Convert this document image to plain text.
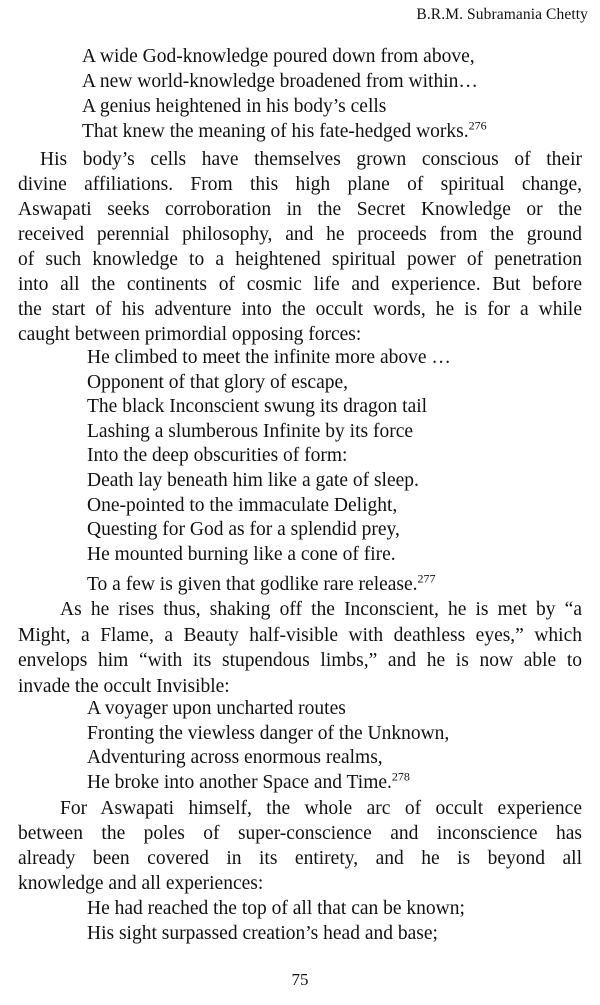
B.R.M. Subramania Chetty
A wide God-knowledge poured down from above,
A new world-knowledge broadened from within…
A genius heightened in his body’s cells
That knew the meaning of his fate-hedged works.$^{276}$
His body’s cells have themselves grown conscious of their
divine affiliations. From this high plane of spiritual change,
Aswapati seeks corroboration in the Secret Knowledge or the
received perennial philosophy, and he proceeds from the ground
of such knowledge to a heightened spiritual power of penetration
into all the continents of cosmic life and experience. But before
the start of his adventure into the occult words, he is for a while
caught between primordial opposing forces:
He climbed to meet the infinite more above …
Opponent of that glory of escape,
The black Inconscient swung its dragon tail
Lashing a slumberous Infinite by its force
Into the deep obscurities of form:
Death lay beneath him like a gate of sleep.
One-pointed to the immaculate Delight,
Questing for God as for a splendid prey,
He mounted burning like a cone of fire.
To a few is given that godlike rare release.$^{277}$
As he rises thus, shaking off the Inconscient, he is met by “a
Might, a Flame, a Beauty half-visible with deathless eyes,” which
envelops him “with its stupendous limbs,” and he is now able to
invade the occult Invisible:
A voyager upon uncharted routes
Fronting the viewless danger of the Unknown,
Adventuring across enormous realms,
He broke into another Space and Time.$^{278}$
For Aswapati himself, the whole arc of occult experience
between the poles of super-conscience and inconscience has
already been covered in its entirety, and he is beyond all
knowledge and all experiences:
He had reached the top of all that can be known;
His sight surpassed creation’s head and base;
75
